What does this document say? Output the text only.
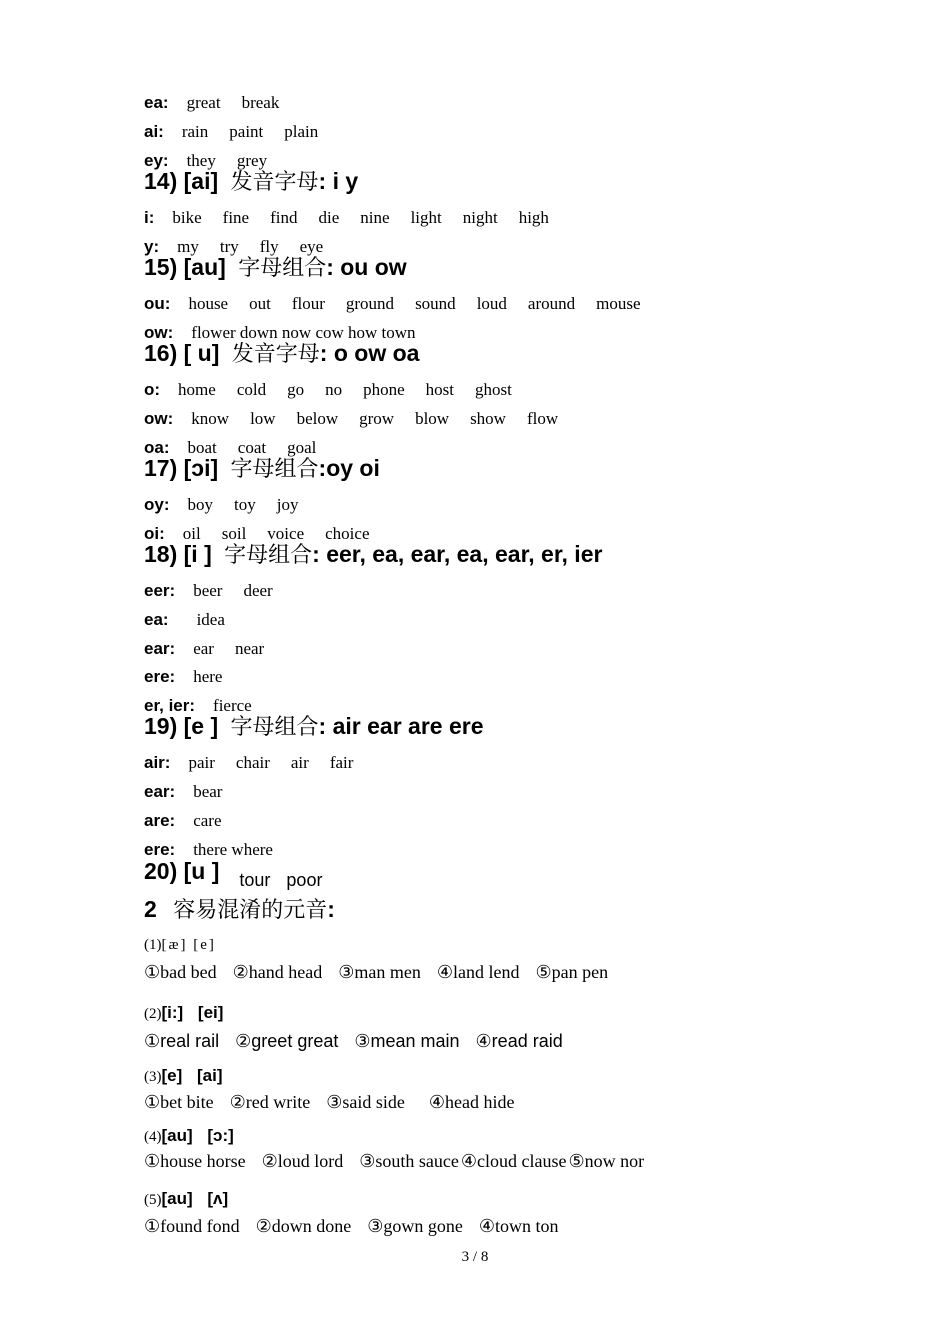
ea: great break
ai: rain paint plain
ey: they grey
14) [ai] 发音字母: i y
i: bike fine find die nine light night high
y: my try fly eye
15) [au] 字母组合: ou ow
ou: house out flour ground sound loud around mouse
ow: flower down now cow how town
16) [ u] 发音字母: o ow oa
o: home cold go no phone host ghost
ow: know low below grow blow show flow
oa: boat coat goal
17) [ɔi] 字母组合:oy oi
oy: boy toy joy
oi: oil soil voice choice
18) [i ] 字母组合: eer, ea, ear, ea, ear, er, ier
eer: beer deer
ea: idea
ear: ear near
ere: here
er, ier: fierce
19) [e ] 字母组合: air ear are ere
air: pair chair air fair
ear: bear
are: care
ere: there where
20) [u ] tour poor
2 容易混淆的元音:
(1)[æ] [e]
①bad bed ②hand head ③man men ④land lend ⑤pan pen
(2)[i:] [ei]
①real rail ②greet great ③mean main ④read raid
(3)[e] [ai]
①bet bite ②red write ③said side ④head hide
(4)[au] [ɔ:]
①house horse ②loud lord ③south sauce ④cloud clause ⑤now nor
(5)[au] [ʌ]
①found fond ②down done ③gown gone ④town ton
3 / 8
